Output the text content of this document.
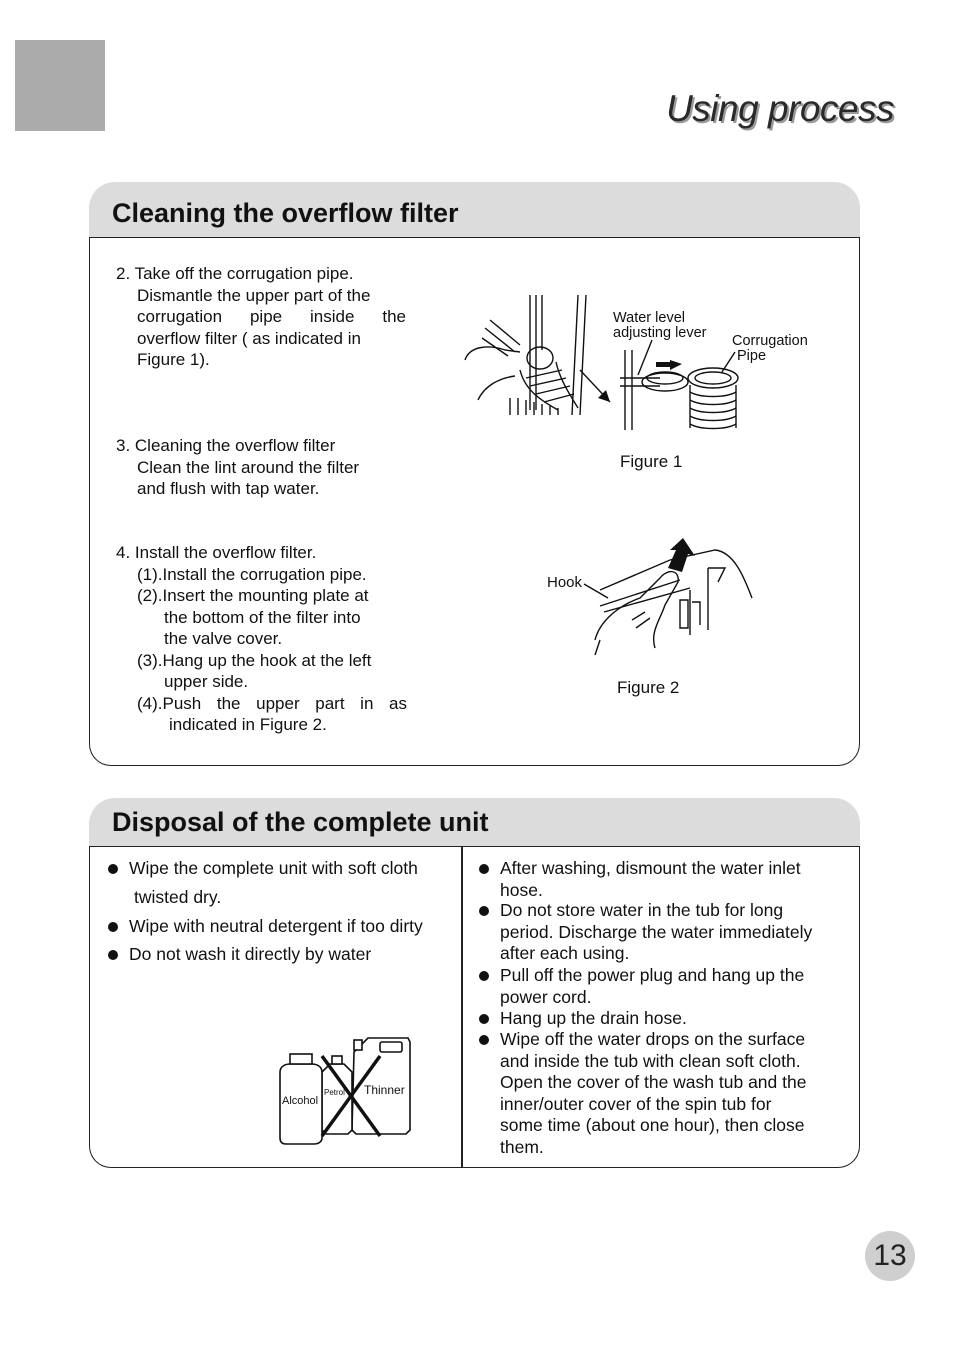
Using process
Cleaning the overflow filter
2. Take off the corrugation pipe.
Dismantle the upper part of the
corrugation pipe inside the
overflow filter ( as indicated in
Figure 1).
3. Cleaning the overflow filter
Clean the lint around the filter
and flush with tap water.
4. Install the overflow filter.
(1).Install the corrugation pipe.
(2).Insert the mounting plate at
the bottom of the filter into
the valve cover.
(3).Hang up the hook at the left
upper side.
(4).Push the upper part in as
indicated in Figure 2.
Water level
adjusting lever Corrugation
Pipe
Figure 1
Hook
Figure 2
Disposal of the complete unit
Wipe the complete unit with soft cloth
twisted dry.
Wipe with neutral detergent if too dirty
Do not wash it directly by water
Alcohol
Petrol Thinner
After washing, dismount the water inlet
hose.
Do not store water in the tub for long
period. Discharge the water immediately
after each using.
Pull off the power plug and hang up the
power cord.
Hang up the drain hose.
Wipe off the water drops on the surface
and inside the tub with clean soft cloth.
Open the cover of the wash tub and the
inner/outer cover of the spin tub for
some time (about one hour), then close
them.
13
